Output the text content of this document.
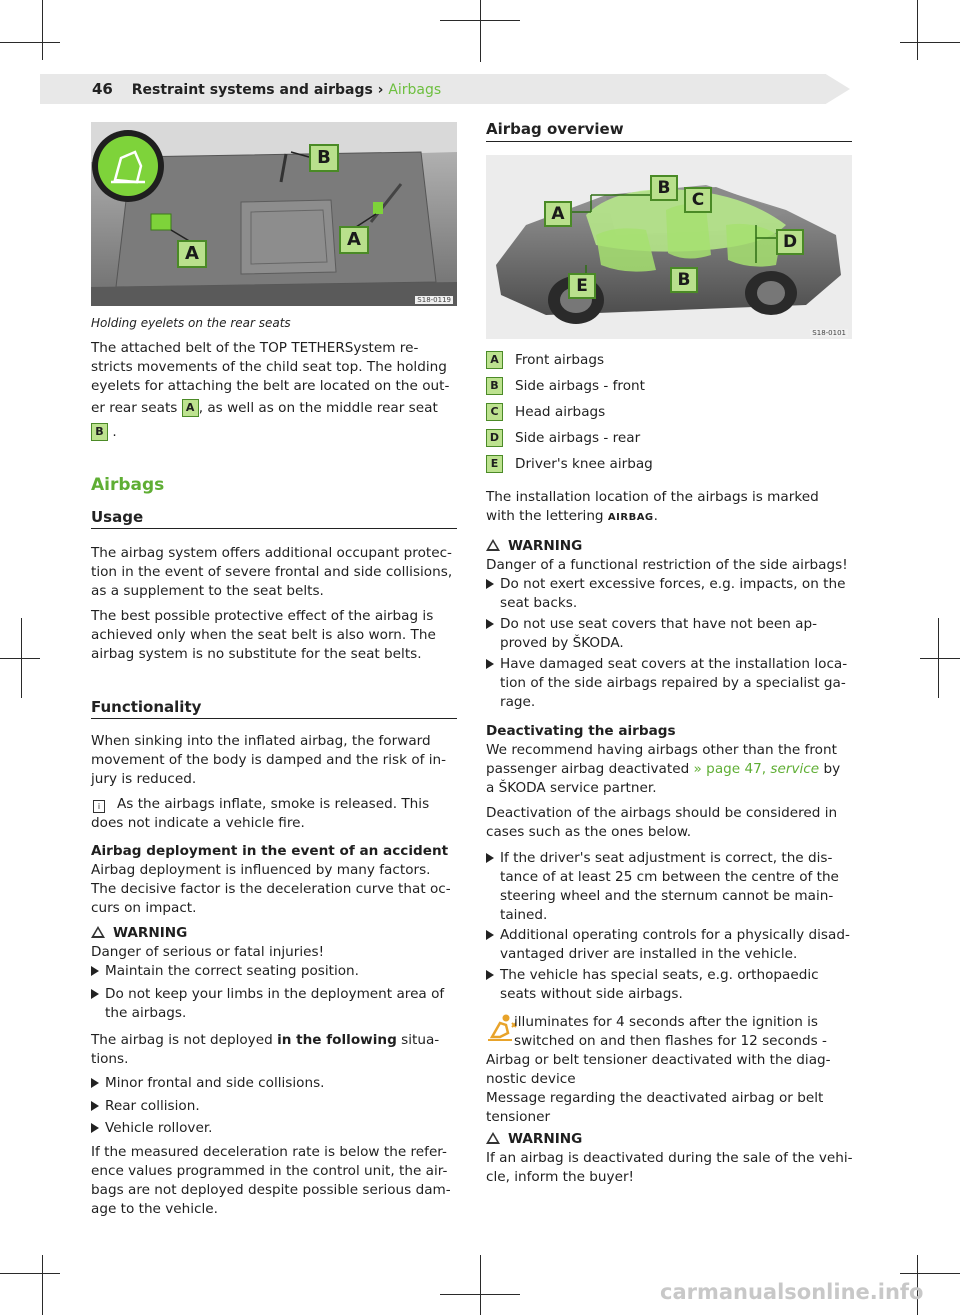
46 Restraint systems and airbags › Airbags
A
A
B
S18-0119
Holding eyelets on the rear seats
The attached belt of the TOP TETHERSystem re-
stricts movements of the child seat top. The holding
eyelets for attaching the belt are located on the out-
er rear seats A , as well as on the middle rear seat
B .
Airbags
Usage
The airbag system offers additional occupant protec-
tion in the event of severe frontal and side collisions,
as a supplement to the seat belts.
The best possible protective effect of the airbag is
achieved only when the seat belt is also worn. The
airbag system is no substitute for the seat belts.
Functionality
When sinking into the inflated airbag, the forward
movement of the body is damped and the risk of in-
jury is reduced.
i As the airbags inflate, smoke is released. This
does not indicate a vehicle fire.
Airbag deployment in the event of an accident
Airbag deployment is influenced by many factors.
The decisive factor is the deceleration curve that oc-
curs on impact.
WARNING
Danger of serious or fatal injuries!
Maintain the correct seating position.
Do not keep your limbs in the deployment area of
the airbags.
The airbag is not deployed in the following situa-
tions.
Minor frontal and side collisions.
Rear collision.
Vehicle rollover.
If the measured deceleration rate is below the refer-
ence values programmed in the control unit, the air-
bags are not deployed despite possible serious dam-
age to the vehicle.
Airbag overview
A
B
C
D
B
E
S18-0101
A Front airbags
B Side airbags - front
C Head airbags
D Side airbags - rear
E Driver's knee airbag
The installation location of the airbags is marked
with the lettering AIRBAG.
WARNING
Danger of a functional restriction of the side airbags!
Do not exert excessive forces, e.g. impacts, on the
seat backs.
Do not use seat covers that have not been ap-
proved by ŠKODA.
Have damaged seat covers at the installation loca-
tion of the side airbags repaired by a specialist ga-
rage.
Deactivating the airbags
We recommend having airbags other than the front
passenger airbag deactivated » page 47, service by
a ŠKODA service partner.
Deactivation of the airbags should be considered in
cases such as the ones below.
If the driver's seat adjustment is correct, the dis-
tance of at least 25 cm between the centre of the
steering wheel and the sternum cannot be main-
tained.
Additional operating controls for a physically disad-
vantaged driver are installed in the vehicle.
The vehicle has special seats, e.g. orthopaedic
seats without side airbags.
illuminates for 4 seconds after the ignition is
switched on and then flashes for 12 seconds -
Airbag or belt tensioner deactivated with the diag-
nostic device
Message regarding the deactivated airbag or belt
tensioner
WARNING
If an airbag is deactivated during the sale of the vehi-
cle, inform the buyer!
carmanualsonline.info
